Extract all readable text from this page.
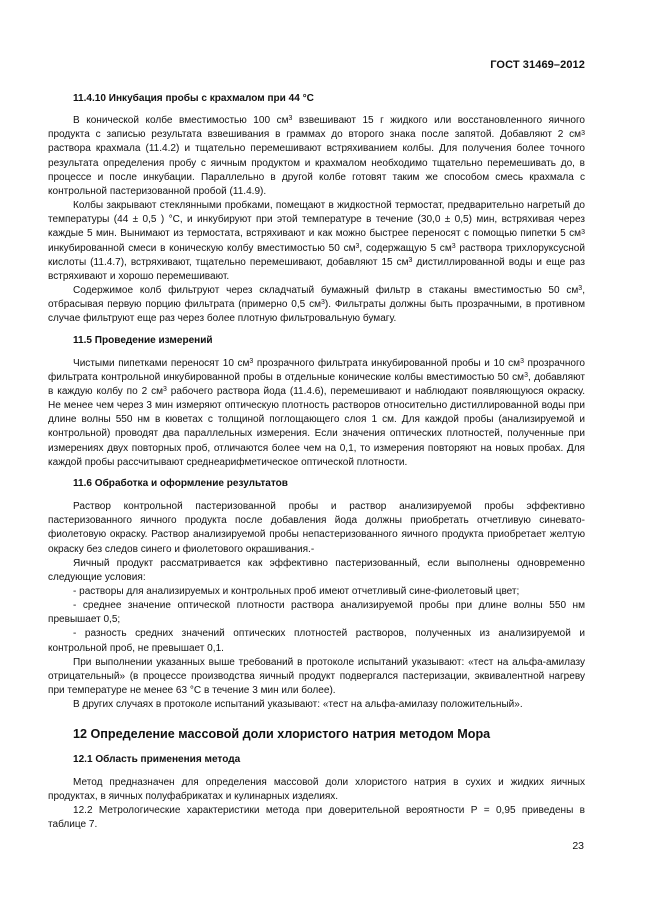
ГОСТ 31469–2012

11.4.10 Инкубация пробы с крахмалом при 44 °С

В конической колбе вместимостью 100 $см^3$ взвешивают 15 г жидкого или восстановленного яичного продукта с записью результата взвешивания в граммах до второго знака после запятой. Добавляют 2 $см^3$ раствора крахмала (11.4.2) и тщательно перемешивают встряхиванием колбы. Для получения более точного результата определения пробу с яичным продуктом и крахмалом необходимо тщательно перемешивать до, в процессе и после инкубации. Параллельно в другой колбе готовят таким же способом смесь крахмала с контрольной пастеризованной пробой (11.4.9).

Колбы закрывают стеклянными пробками, помещают в жидкостной термостат, предварительно нагретый до температуры (44 ± 0,5 ) °С, и инкубируют при этой температуре в течение (30,0 ± 0,5) мин, встряхивая через каждые 5 мин. Вынимают из термостата, встряхивают и как можно быстрее переносят с помощью пипетки 5 $см^3$ инкубированной смеси в коническую колбу вместимостью 50 $см^3$, содержащую 5 $см^3$ раствора трихлоруксусной кислоты (11.4.7), встряхивают, тщательно перемешивают, добавляют 15 $см^3$ дистиллированной воды и еще раз встряхивают и хорошо перемешивают.

Содержимое колб фильтруют через складчатый бумажный фильтр в стаканы вместимостью 50 $см^3$, отбрасывая первую порцию фильтрата (примерно 0,5 $см^3$). Фильтраты должны быть прозрачными, в противном случае фильтруют еще раз через более плотную фильтровальную бумагу.

11.5 Проведение измерений

Чистыми пипетками переносят 10 $см^3$ прозрачного фильтрата инкубированной пробы и 10 $см^3$ прозрачного фильтрата контрольной инкубированной пробы в отдельные конические колбы вместимостью 50 $см^3$, добавляют в каждую колбу по 2 $см^3$ рабочего раствора йода (11.4.6), перемешивают и наблюдают появляющуюся окраску. Не менее чем через 3 мин измеряют оптическую плотность растворов относительно дистиллированной воды при длине волны 550 нм в кюветах с толщиной поглощающего слоя 1 см. Для каждой пробы (анализируемой и контрольной) проводят два параллельных измерения. Если значения оптических плотностей, полученные при измерениях двух повторных проб, отличаются более чем на 0,1, то измерения повторяют на новых пробах. Для каждой пробы рассчитывают среднеарифметическое оптической плотности.

11.6 Обработка и оформление результатов

Раствор контрольной пастеризованной пробы и раствор анализируемой пробы эффективно пастеризованного яичного продукта после добавления йода должны приобретать отчетливую синевато-фиолетовую окраску. Раствор анализируемой пробы непастеризованного яичного продукта приобретает желтую окраску без следов синего и фиолетового окрашивания.-

Яичный продукт рассматривается как эффективно пастеризованный, если выполнены одновременно следующие условия:

- растворы для анализируемых и контрольных проб имеют отчетливый сине-фиолетовый цвет;

- среднее значение оптической плотности раствора анализируемой пробы при длине волны 550 нм превышает 0,5;

- разность средних значений оптических плотностей растворов, полученных из анализируемой и контрольной проб, не превышает 0,1.

При выполнении указанных выше требований в протоколе испытаний указывают: «тест на альфа-амилазу отрицательный» (в процессе производства яичный продукт подвергался пастеризации, эквивалентной нагреву при температуре не менее 63 °С в течение 3 мин или более).

В других случаях в протоколе испытаний указывают: «тест на альфа-амилазу положительный».

12 Определение массовой доли хлористого натрия методом Мора

12.1 Область применения метода

Метод предназначен для определения массовой доли хлористого натрия в сухих и жидких яичных продуктах, в яичных полуфабрикатах и кулинарных изделиях.

12.2 Метрологические характеристики метода при доверительной вероятности Р = 0,95 приведены в таблице 7.

23
